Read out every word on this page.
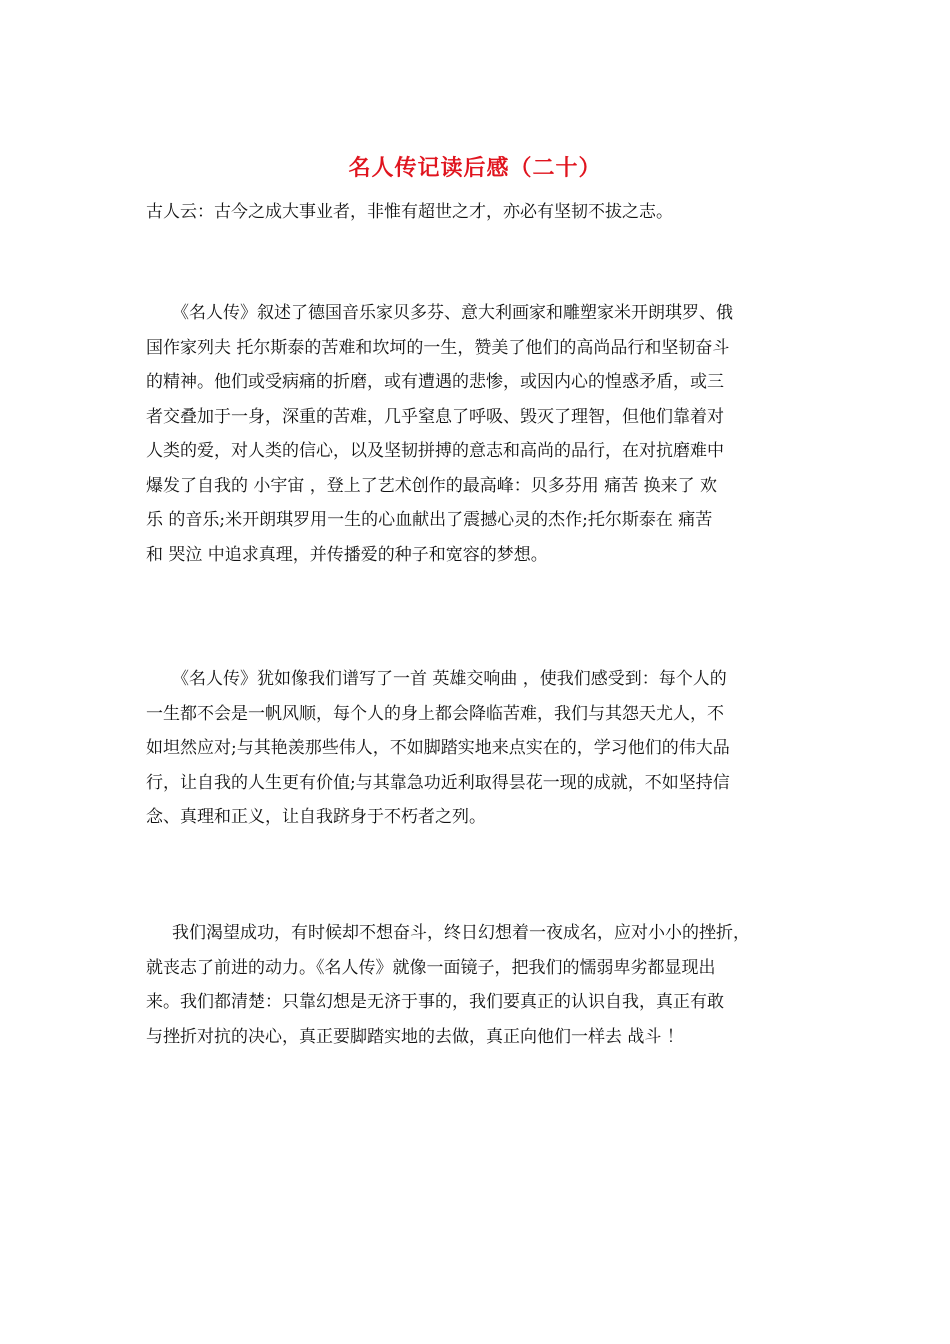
名人传记读后感（二十）
古人云：古今之成大事业者，非惟有超世之才，亦必有坚韧不拔之志。
《名人传》叙述了德国音乐家贝多芬、意大利画家和雕塑家米开朗琪罗、俄
国作家列夫 托尔斯泰的苦难和坎坷的一生，赞美了他们的高尚品行和坚韧奋斗
的精神。他们或受病痛的折磨，或有遭遇的悲惨，或因内心的惶惑矛盾，或三
者交叠加于一身，深重的苦难，几乎窒息了呼吸、毁灭了理智，但他们靠着对
人类的爱，对人类的信心，以及坚韧拼搏的意志和高尚的品行，在对抗磨难中
爆发了自我的 小宇宙 ，登上了艺术创作的最高峰：贝多芬用 痛苦 换来了 欢
乐 的音乐;米开朗琪罗用一生的心血献出了震撼心灵的杰作;托尔斯泰在 痛苦
和 哭泣 中追求真理，并传播爱的种子和宽容的梦想。
《名人传》犹如像我们谱写了一首 英雄交响曲 ，使我们感受到：每个人的
一生都不会是一帆风顺，每个人的身上都会降临苦难，我们与其怨天尤人，不
如坦然应对;与其艳羡那些伟人，不如脚踏实地来点实在的，学习他们的伟大品
行，让自我的人生更有价值;与其靠急功近利取得昙花一现的成就，不如坚持信
念、真理和正义，让自我跻身于不朽者之列。
我们渴望成功，有时候却不想奋斗，终日幻想着一夜成名，应对小小的挫折，
就丧志了前进的动力。《名人传》就像一面镜子，把我们的懦弱卑劣都显现出
来。我们都清楚：只靠幻想是无济于事的，我们要真正的认识自我，真正有敢
与挫折对抗的决心，真正要脚踏实地的去做，真正向他们一样去 战斗 ！
